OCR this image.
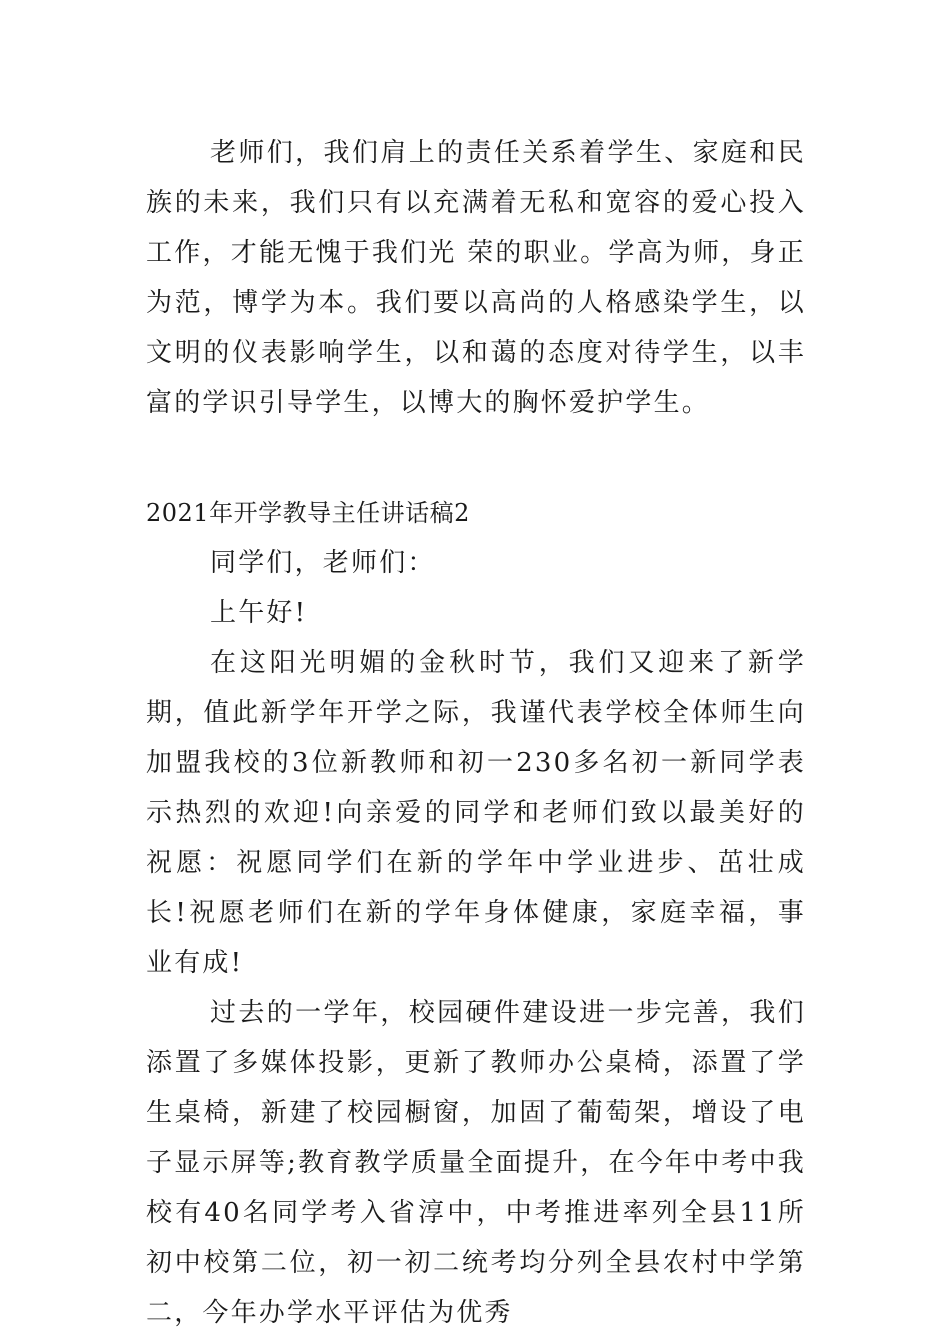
老师们，我们肩上的责任关系着学生、家庭和民族的未来，我们只有以充满着无私和宽容的爱心投入工作，才能无愧于我们光 荣的职业。学高为师，身正为范，博学为本。我们要以高尚的人格感染学生，以文明的仪表影响学生，以和蔼的态度对待学生，以丰富的学识引导学生，以博大的胸怀爱护学生。

2021年开学教导主任讲话稿2

同学们，老师们：

上午好!

在这阳光明媚的金秋时节，我们又迎来了新学期，值此新学年开学之际，我谨代表学校全体师生向加盟我校的3位新教师和初一230多名初一新同学表示热烈的欢迎!向亲爱的同学和老师们致以最美好的祝愿：祝愿同学们在新的学年中学业进步、茁壮成长!祝愿老师们在新的学年身体健康，家庭幸福，事业有成!

过去的一学年，校园硬件建设进一步完善，我们添置了多媒体投影，更新了教师办公桌椅，添置了学生桌椅，新建了校园橱窗，加固了葡萄架，增设了电子显示屏等;教育教学质量全面提升，在今年中考中我校有40名同学考入省淳中，中考推进率列全县11所初中校第二位，初一初二统考均分列全县农村中学第二，今年办学水平评估为优秀
